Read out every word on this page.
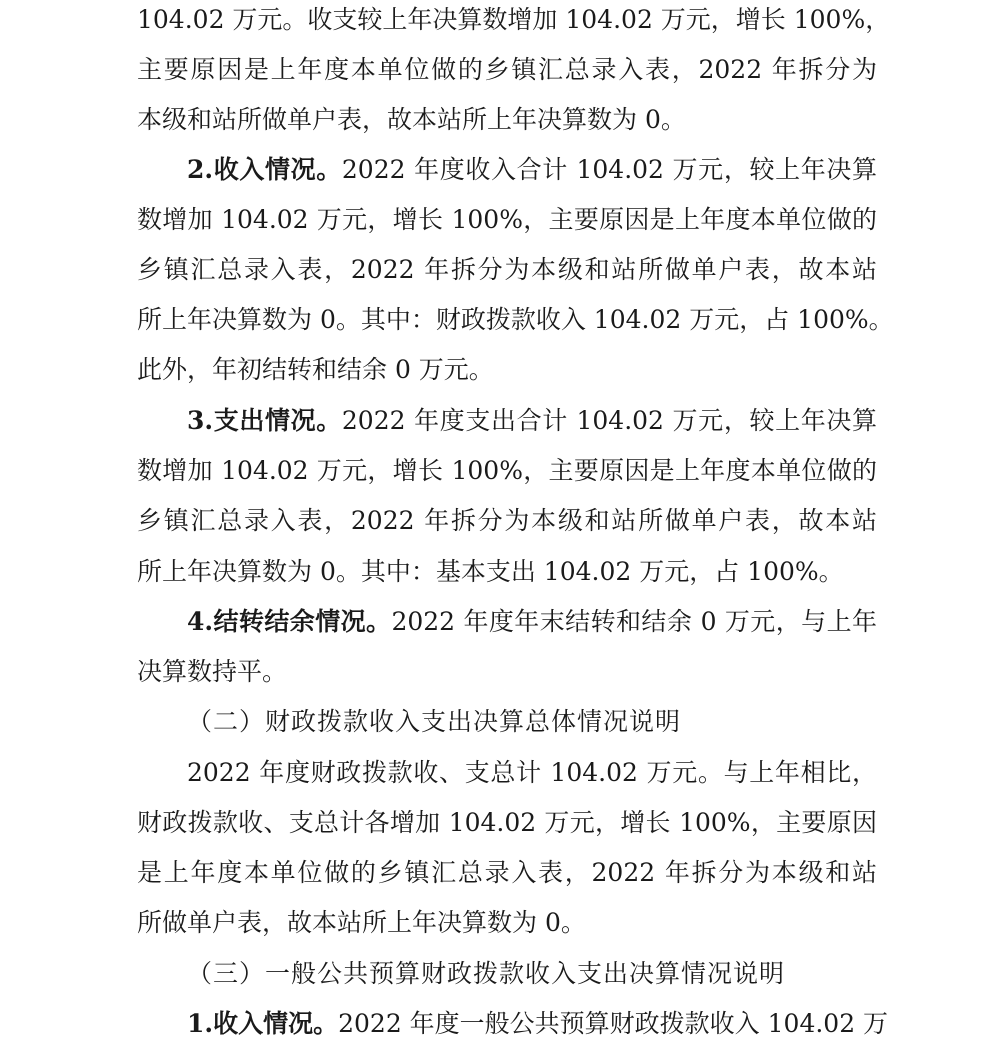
104.02 万元。收支较上年决算数增加 104.02 万元，增长 100%，
主要原因是上年度本单位做的乡镇汇总录入表，2022 年拆分为
本级和站所做单户表，故本站所上年决算数为 0。
2.收入情况。2022 年度收入合计 104.02 万元，较上年决算
数增加 104.02 万元，增长 100%，主要原因是上年度本单位做的
乡镇汇总录入表，2022 年拆分为本级和站所做单户表，故本站
所上年决算数为 0。其中：财政拨款收入 104.02 万元，占 100%。
此外，年初结转和结余 0 万元。
3.支出情况。2022 年度支出合计 104.02 万元，较上年决算
数增加 104.02 万元，增长 100%，主要原因是上年度本单位做的
乡镇汇总录入表，2022 年拆分为本级和站所做单户表，故本站
所上年决算数为 0。其中：基本支出 104.02 万元，占 100%。
4.结转结余情况。2022 年度年末结转和结余 0 万元，与上年
决算数持平。
（二）财政拨款收入支出决算总体情况说明
2022 年度财政拨款收、支总计 104.02 万元。与上年相比，
财政拨款收、支总计各增加 104.02 万元，增长 100%，主要原因
是上年度本单位做的乡镇汇总录入表，2022 年拆分为本级和站
所做单户表，故本站所上年决算数为 0。
（三）一般公共预算财政拨款收入支出决算情况说明
1.收入情况。2022 年度一般公共预算财政拨款收入 104.02 万
